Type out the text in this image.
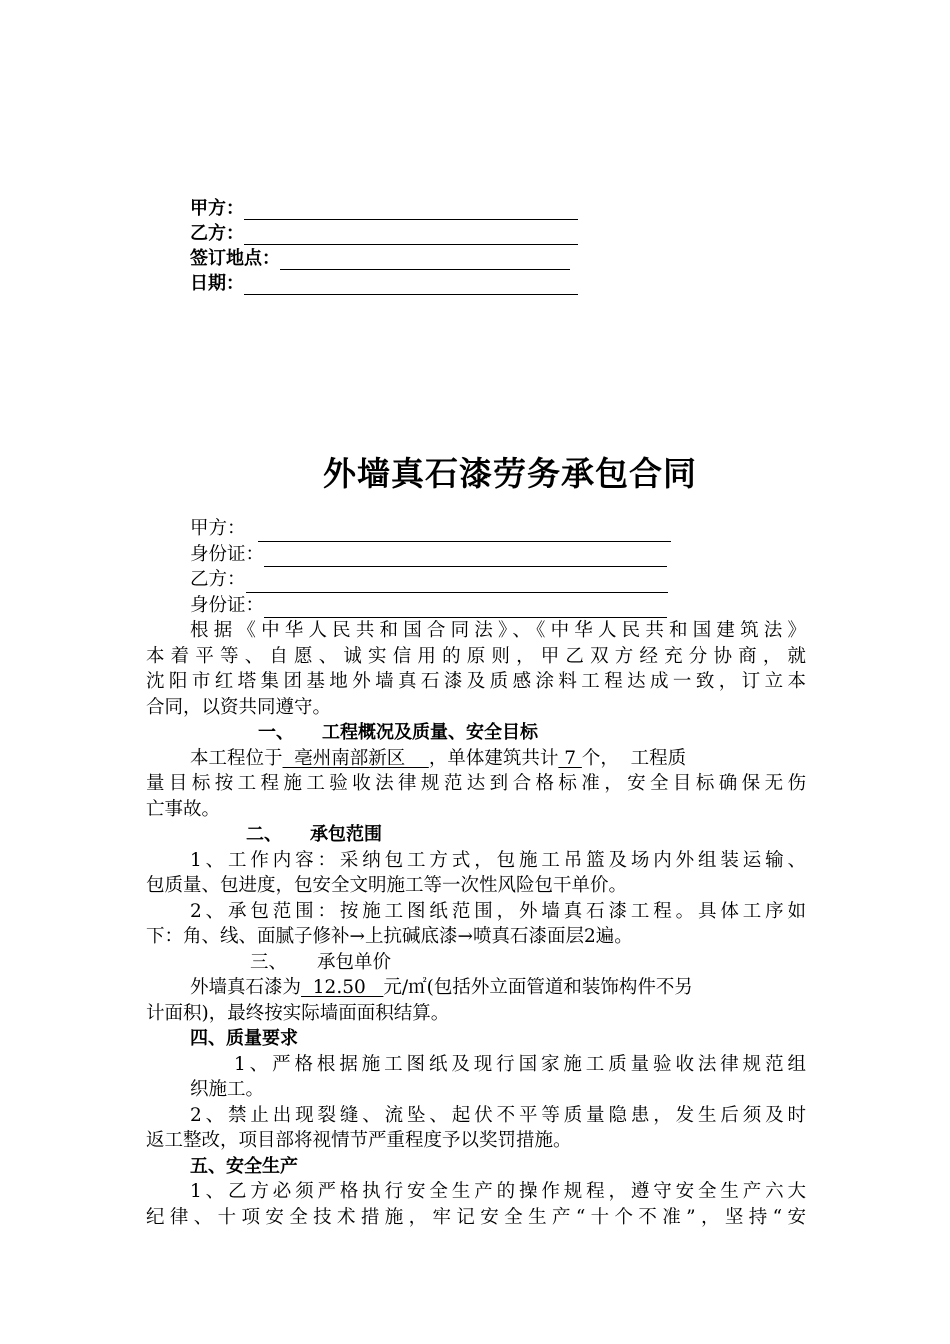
甲方：
乙方：
签订地点：
日期：
外墙真石漆劳务承包合同
甲方：
身份证：
乙方：
身份证：
根据《中华人民共和国合同法》、《中华人民共和国建筑法》
本着平等、自愿、诚实信用的原则，甲乙双方经充分协商，就
沈阳市红塔集团基地外墙真石漆及质感涂料工程达成一致，订立本
合同，以资共同遵守。
一、 工程概况及质量、安全目标
本工程位于  亳州南部新区    ，单体建筑共计 7 个，  工程质
量目标按工程施工验收法律规范达到合格标准，安全目标确保无伤
亡事故。
二、 承包范围
1、工作内容：采纳包工方式，包施工吊篮及场内外组装运输、
包质量、包进度，包安全文明施工等一次性风险包干单价。
2、承包范围：按施工图纸范围，外墙真石漆工程。具体工序如
下：角、线、面腻子修补→上抗碱底漆→喷真石漆面层2遍。
三、 承包单价
外墙真石漆为  12.50   元/㎡(包括外立面管道和装饰构件不另
计面积)，最终按实际墙面面积结算。
四、质量要求
1、严格根据施工图纸及现行国家施工质量验收法律规范组
织施工。
2、禁止出现裂缝、流坠、起伏不平等质量隐患，发生后须及时
返工整改，项目部将视情节严重程度予以奖罚措施。
五、安全生产
1、乙方必须严格执行安全生产的操作规程，遵守安全生产六大
纪律、十项安全技术措施，牢记安全生产“十个不准”，坚持“安
